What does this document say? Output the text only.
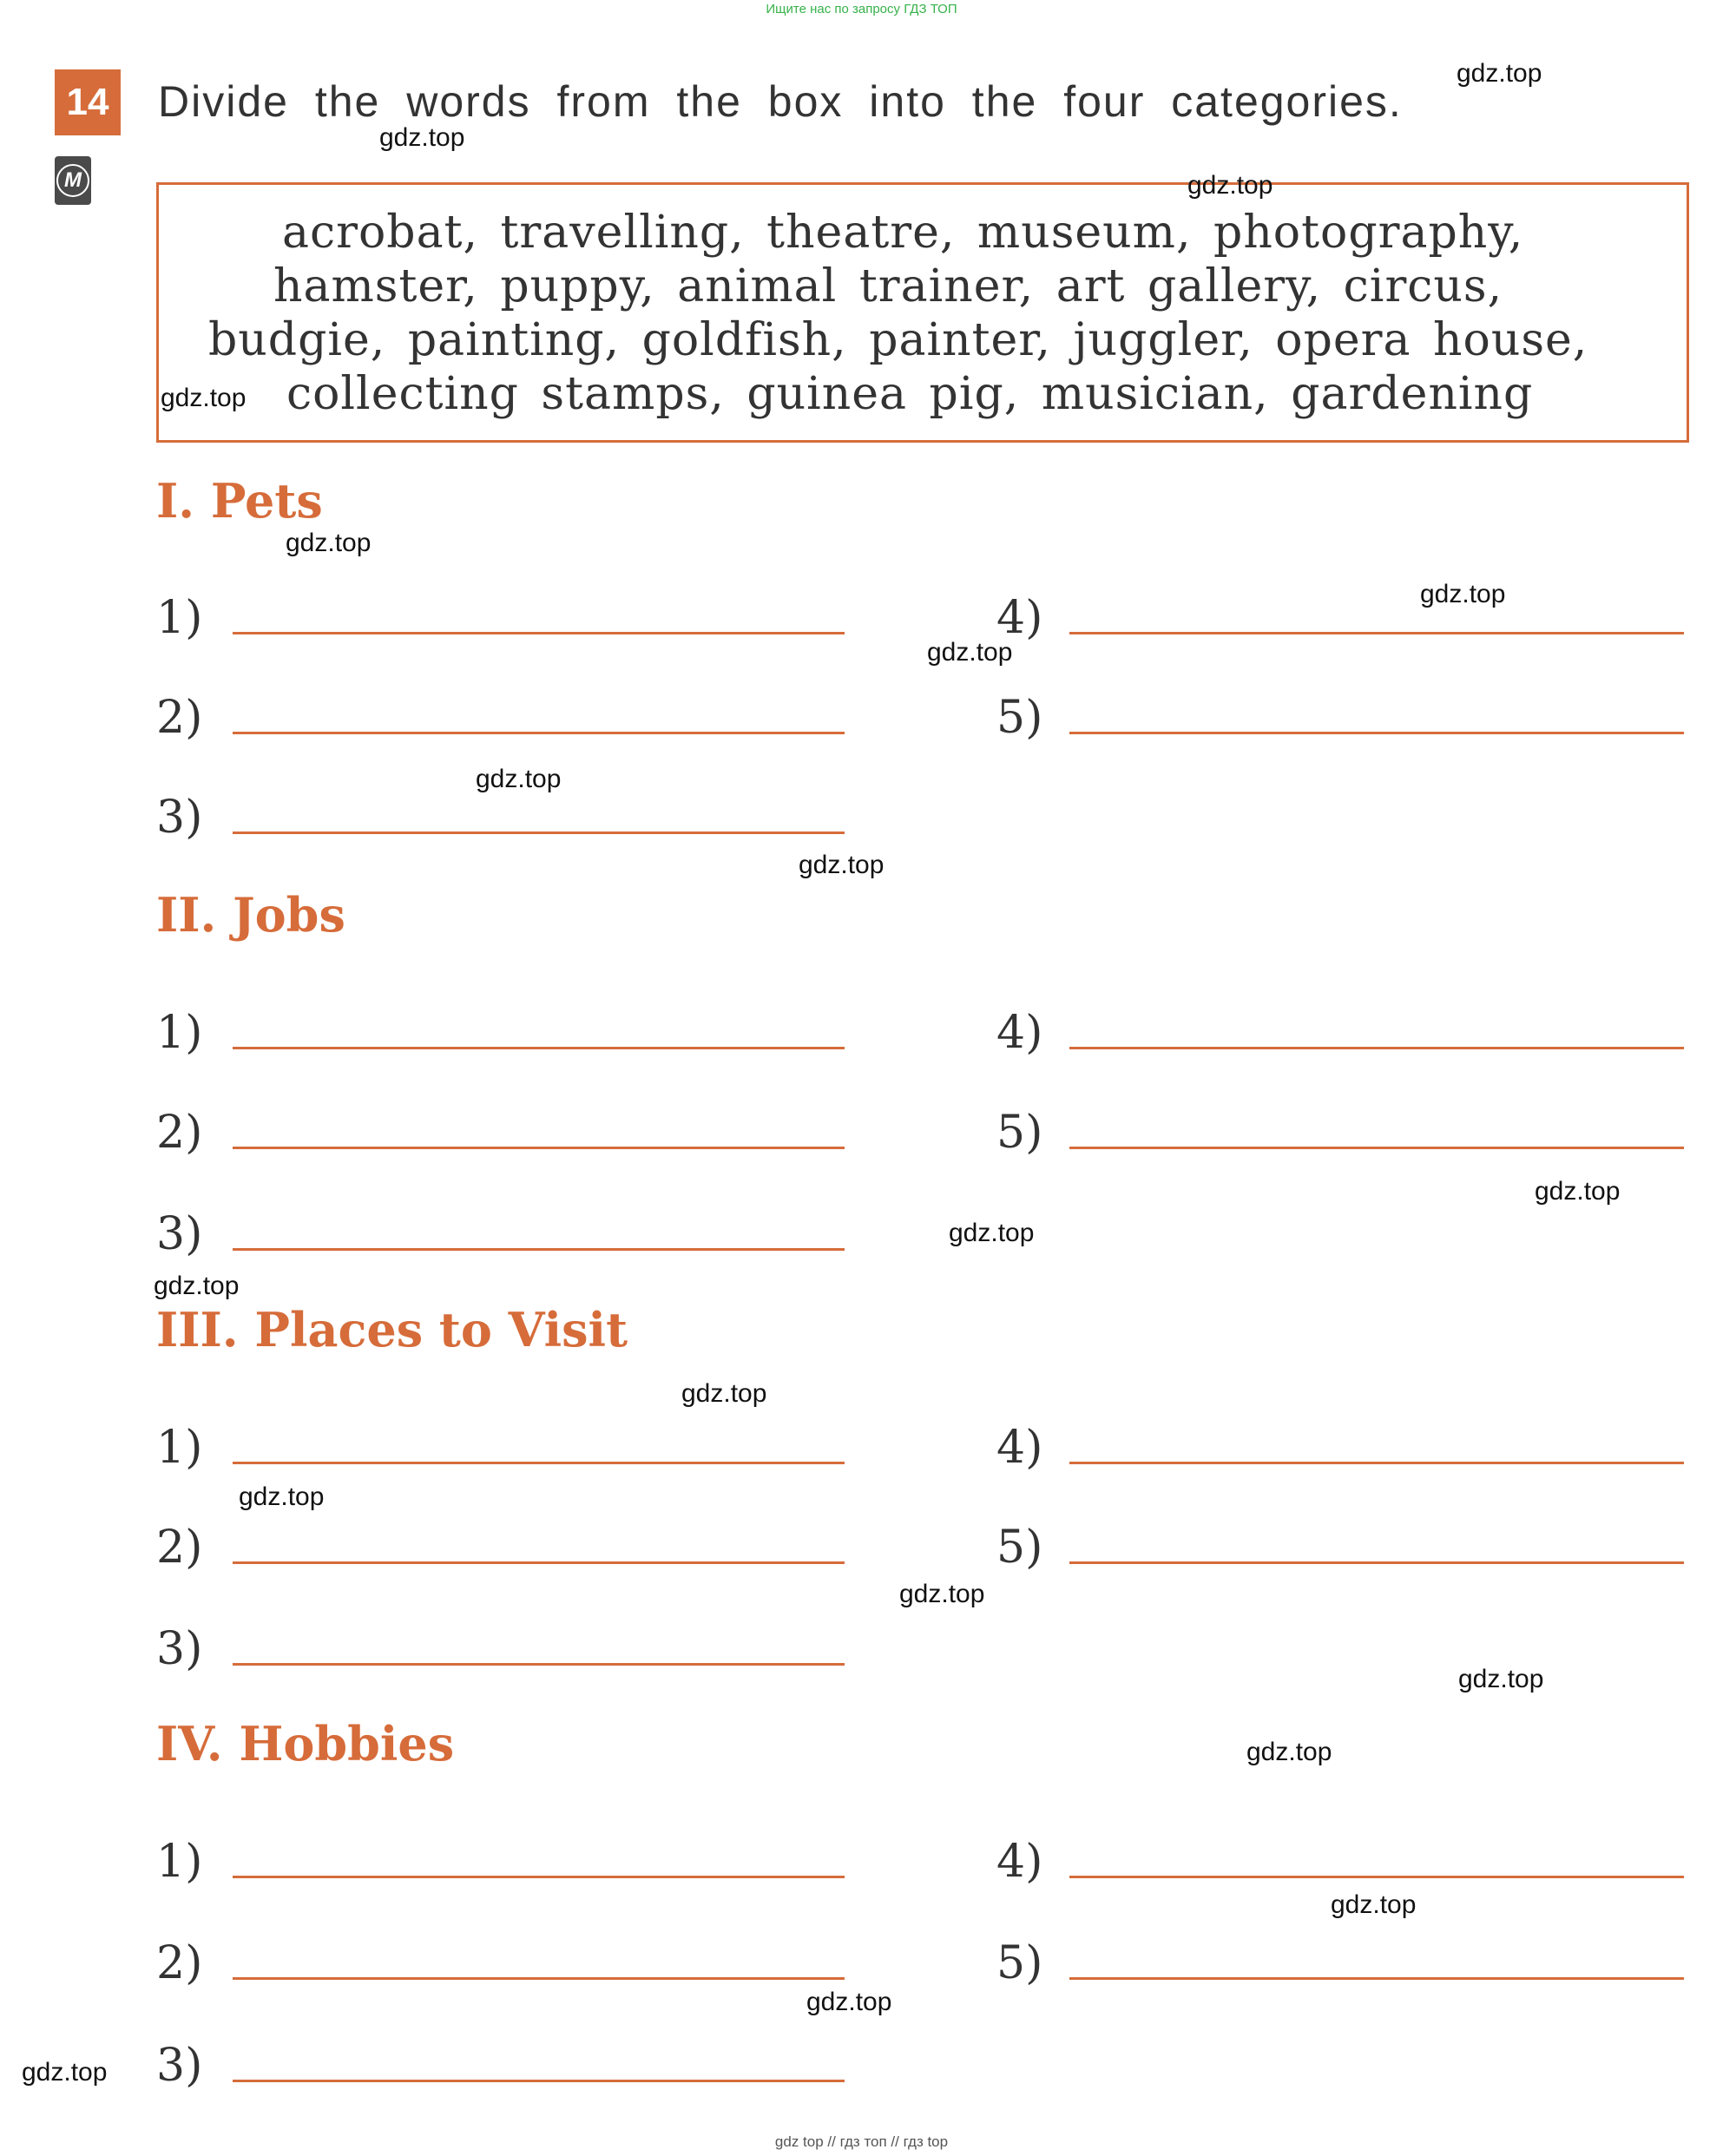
Ищите нас по запросу ГДЗ ТОП
14
M
Divide the words from the box into the four categories.
acrobat, travelling, theatre, museum, photography,
hamster, puppy, animal trainer, art gallery, circus,
budgie, painting, goldfish, painter, juggler, opera house,
collecting stamps, guinea pig, musician, gardening
I. Pets
1)
2)
3)
4)
5)
II. Jobs
1)
2)
3)
4)
5)
III. Places to Visit
1)
2)
3)
4)
5)
IV. Hobbies
1)
2)
3)
4)
5)
gdz.top
gdz.top
gdz.top
gdz.top
gdz.top
gdz.top
gdz.top
gdz.top
gdz.top
gdz.top
gdz.top
gdz.top
gdz.top
gdz.top
gdz.top
gdz.top
gdz.top
gdz.top
gdz.top
gdz.top
gdz top // гдз топ // гдз top
